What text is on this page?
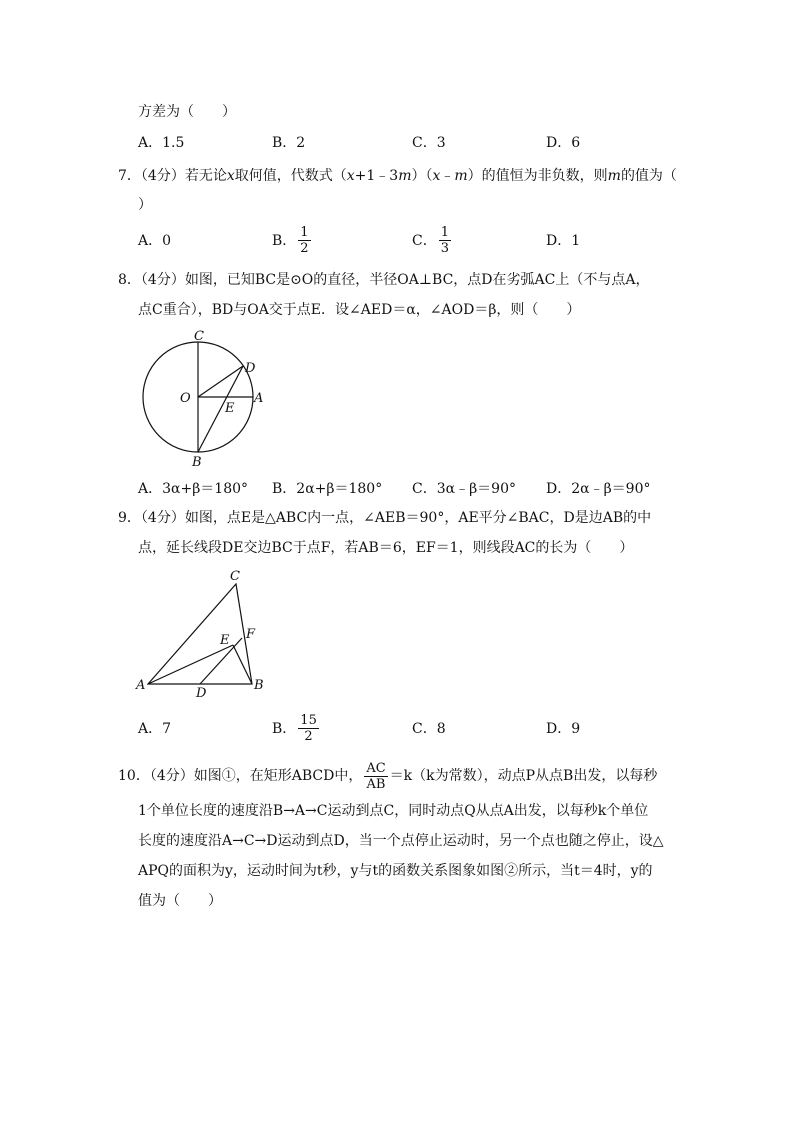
方差为（　　）
A．1.5	B．2	C．3	D．6
7．（4分）若无论x取何值，代数式（x+1﹣3m）（x﹣m）的值恒为非负数，则m的值为（
）
A．0	B． $\frac{1}{2}$	C． $\frac{1}{3}$	D．1
8．（4分）如图，已知BC是⊙O的直径，半径OA⊥BC，点D在劣弧AC上（不与点A，
点C重合），BD与OA交于点E．设∠AED＝α，∠AOD＝β，则（　　）
C
D
O
E
A
B
A．3α+β＝180° B．2α+β＝180° C．3α﹣β＝90° D．2α﹣β＝90°
9．（4分）如图，点E是△ABC内一点，∠AEB＝90°，AE平分∠BAC，D是边AB的中
点，延长线段DE交边BC于点F，若AB＝6，EF＝1，则线段AC的长为（　　）
C
E F
A
D
B
A．7	B． $\frac{15}{2}$	C．8	D．9
10．（4分）如图①，在矩形ABCD中， $\frac{AC}{AB} =k(k$为常数），动点P从点B出发，以每秒
1个单位长度的速度沿B→A→C运动到点C，同时动点Q从点A出发，以每秒k个单位
长度的速度沿A→C→D运动到点D，当一个点停止运动时，另一个点也随之停止，设△
APQ的面积为y，运动时间为t秒，y与t的函数关系图象如图②所示，当t＝4时，y的
值为（　　）
